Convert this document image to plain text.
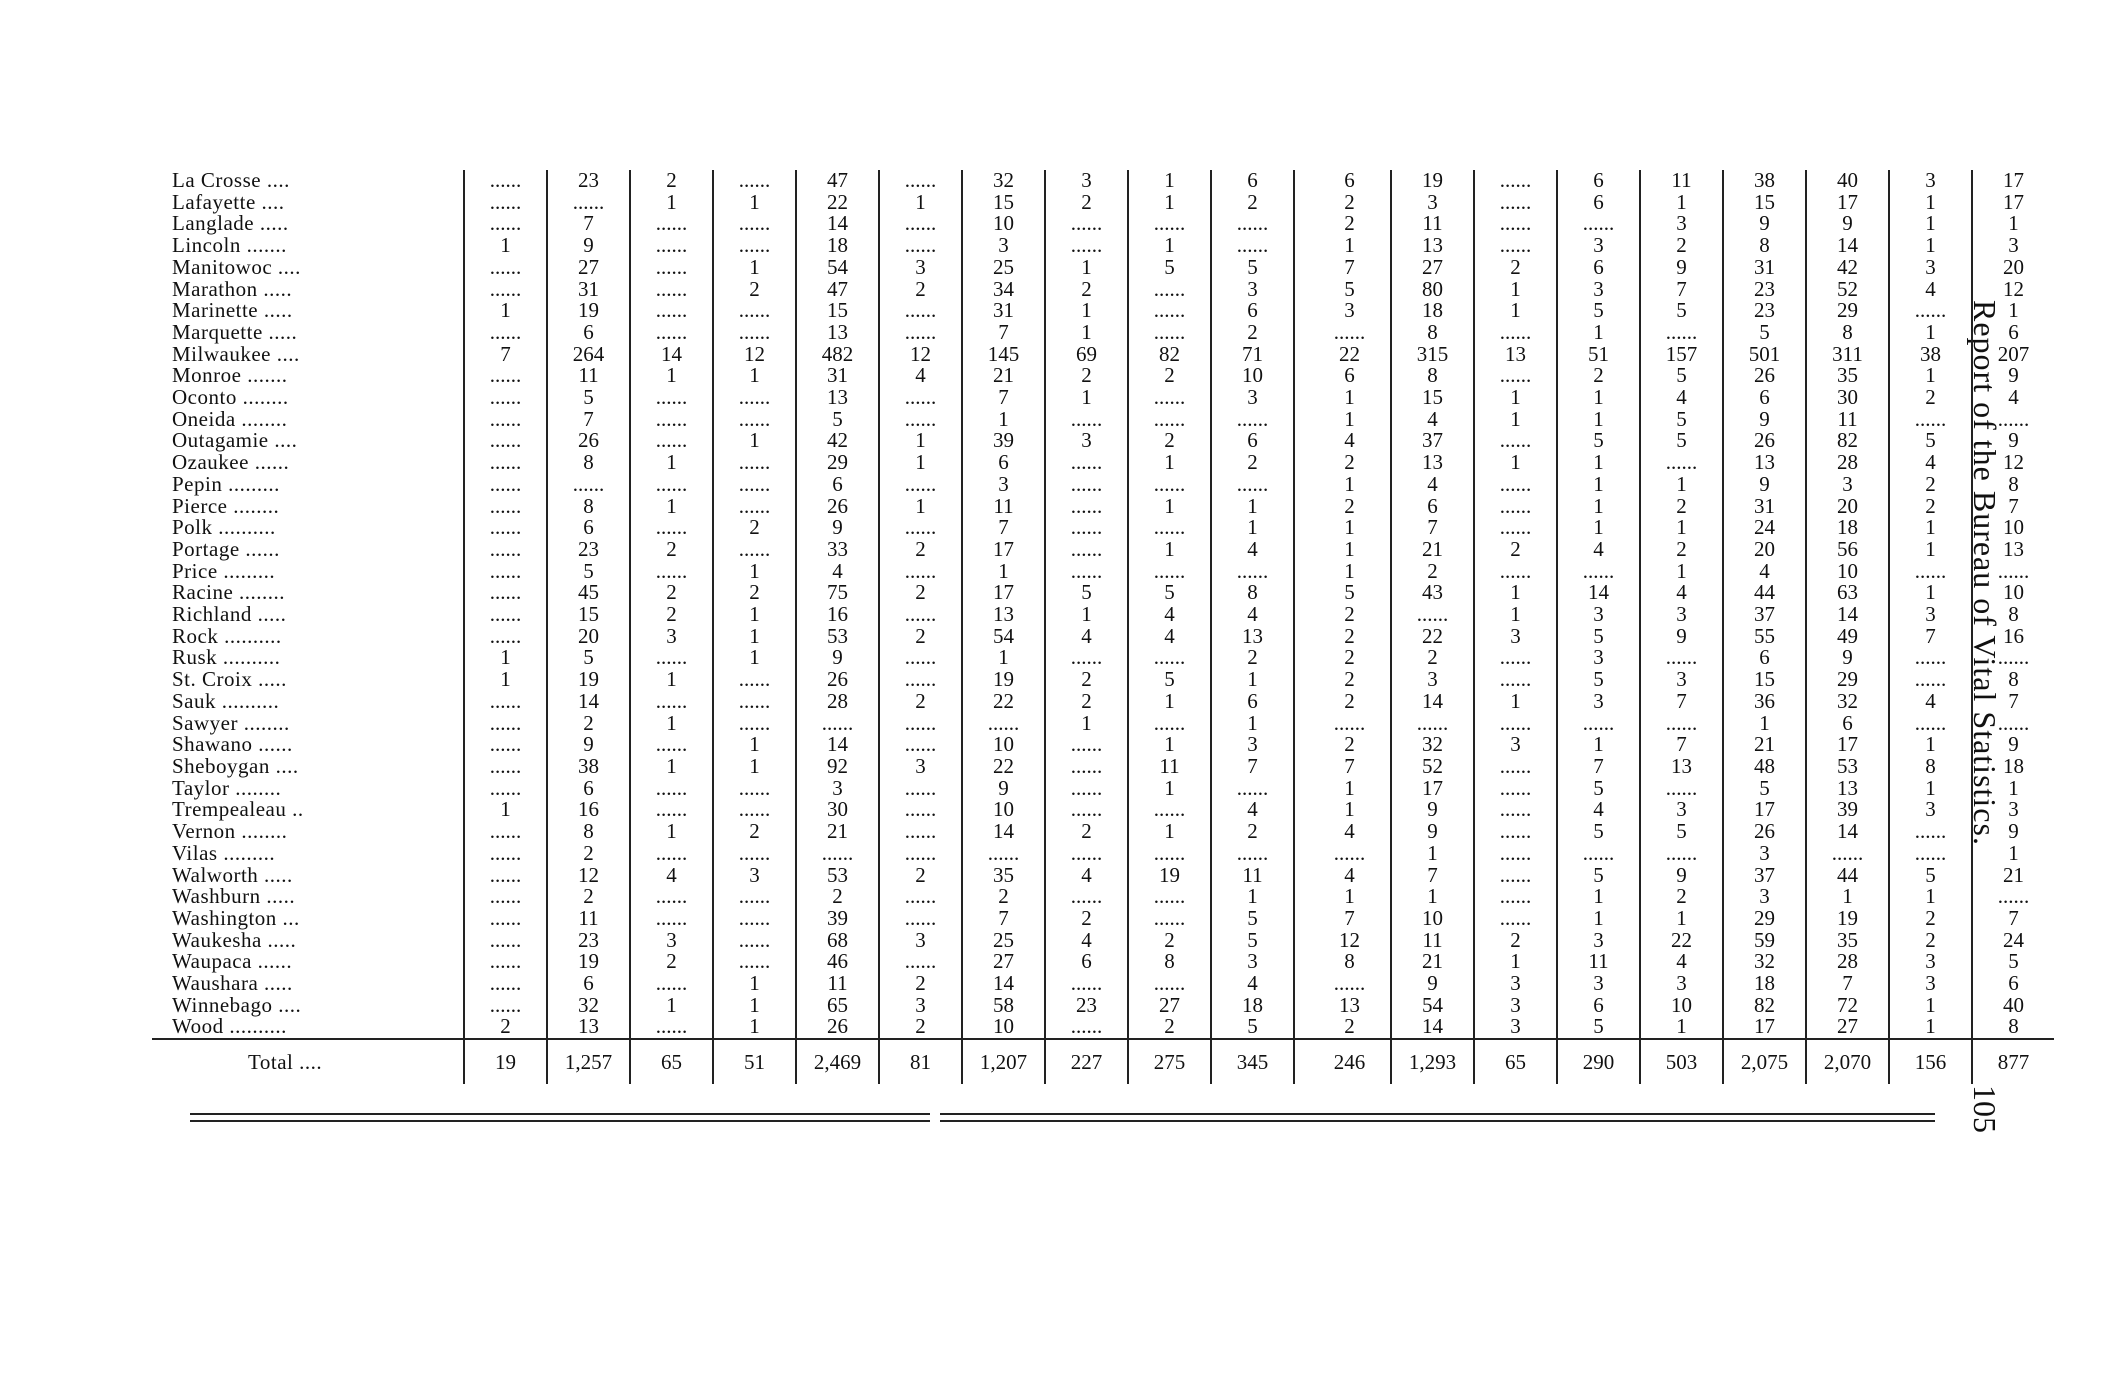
Report of the Bureau of Vital Statistics.
105
La Crosse ....	......	23	2	......	47	......	32	3	1	6		6	19	......	6	11	38	40	3	17
Lafayette ....	......	......	1	1	22	1	15	2	1	2		2	3	......	6	1	15	17	1	17
Langlade .....	......	7	......	......	14	......	10	......	......	......		2	11	......	......	3	9	9	1	1
Lincoln .......	1	9	......	......	18	......	3	......	1	......		1	13	......	3	2	8	14	1	3
Manitowoc ....	......	27	......	1	54	3	25	1	5	5		7	27	2	6	9	31	42	3	20
Marathon .....	......	31	......	2	47	2	34	2	......	3		5	80	1	3	7	23	52	4	12
Marinette .....	1	19	......	......	15	......	31	1	......	6		3	18	1	5	5	23	29	......	1
Marquette .....	......	6	......	......	13	......	7	1	......	2		......	8	......	1	......	5	8	1	6
Milwaukee ....	7	264	14	12	482	12	145	69	82	71		22	315	13	51	157	501	311	38	207
Monroe .......	......	11	1	1	31	4	21	2	2	10		6	8	......	2	5	26	35	1	9
Oconto ........	......	5	......	......	13	......	7	1	......	3		1	15	1	1	4	6	30	2	4
Oneida ........	......	7	......	......	5	......	1	......	......	......		1	4	1	1	5	9	11	......	......
Outagamie ....	......	26	......	1	42	1	39	3	2	6		4	37	......	5	5	26	82	5	9
Ozaukee ......	......	8	1	......	29	1	6	......	1	2		2	13	1	1	......	13	28	4	12
Pepin .........	......	......	......	......	6	......	3	......	......	......		1	4	......	1	1	9	3	2	8
Pierce ........	......	8	1	......	26	1	11	......	1	1		2	6	......	1	2	31	20	2	7
Polk ..........	......	6	......	2	9	......	7	......	......	1		1	7	......	1	1	24	18	1	10
Portage ......	......	23	2	......	33	2	17	......	1	4		1	21	2	4	2	20	56	1	13
Price .........	......	5	......	1	4	......	1	......	......	......		1	2	......	......	1	4	10	......	......
Racine ........	......	45	2	2	75	2	17	5	5	8		5	43	1	14	4	44	63	1	10
Richland .....	......	15	2	1	16	......	13	1	4	4		2	......	1	3	3	37	14	3	8
Rock ..........	......	20	3	1	53	2	54	4	4	13		2	22	3	5	9	55	49	7	16
Rusk ..........	1	5	......	1	9	......	1	......	......	2		2	2	......	3	......	6	9	......	......
St. Croix .....	1	19	1	......	26	......	19	2	5	1		2	3	......	5	3	15	29	......	8
Sauk ..........	......	14	......	......	28	2	22	2	1	6		2	14	1	3	7	36	32	4	7
Sawyer ........	......	2	1	......	......	......	......	1	......	1		......	......	......	......	......	1	6	......	......
Shawano ......	......	9	......	1	14	......	10	......	1	3		2	32	3	1	7	21	17	1	9
Sheboygan ....	......	38	1	1	92	3	22	......	11	7		7	52	......	7	13	48	53	8	18
Taylor ........	......	6	......	......	3	......	9	......	1	......		1	17	......	5	......	5	13	1	1
Trempealeau ..	1	16	......	......	30	......	10	......	......	4		1	9	......	4	3	17	39	3	3
Vernon ........	......	8	1	2	21	......	14	2	1	2		4	9	......	5	5	26	14	......	9
Vilas .........	......	2	......	......	......	......	......	......	......	......		......	1	......	......	......	3	......	......	1
Walworth .....	......	12	4	3	53	2	35	4	19	11		4	7	......	5	9	37	44	5	21
Washburn .....	......	2	......	......	2	......	2	......	......	1		1	1	......	1	2	3	1	1	......
Washington ...	......	11	......	......	39	......	7	2	......	5		7	10	......	1	1	29	19	2	7
Waukesha .....	......	23	3	......	68	3	25	4	2	5		12	11	2	3	22	59	35	2	24
Waupaca ......	......	19	2	......	46	......	27	6	8	3		8	21	1	11	4	32	28	3	5
Waushara .....	......	6	......	1	11	2	14	......	......	4		......	9	3	3	3	18	7	3	6
Winnebago ....	......	32	1	1	65	3	58	23	27	18		13	54	3	6	10	82	72	1	40
Wood ..........	2	13	......	1	26	2	10	......	2	5		2	14	3	5	1	17	27	1	8
Total ....	19	1,257	65	51	2,469	81	1,207	227	275	345		246	1,293	65	290	503	2,075	2,070	156	877
